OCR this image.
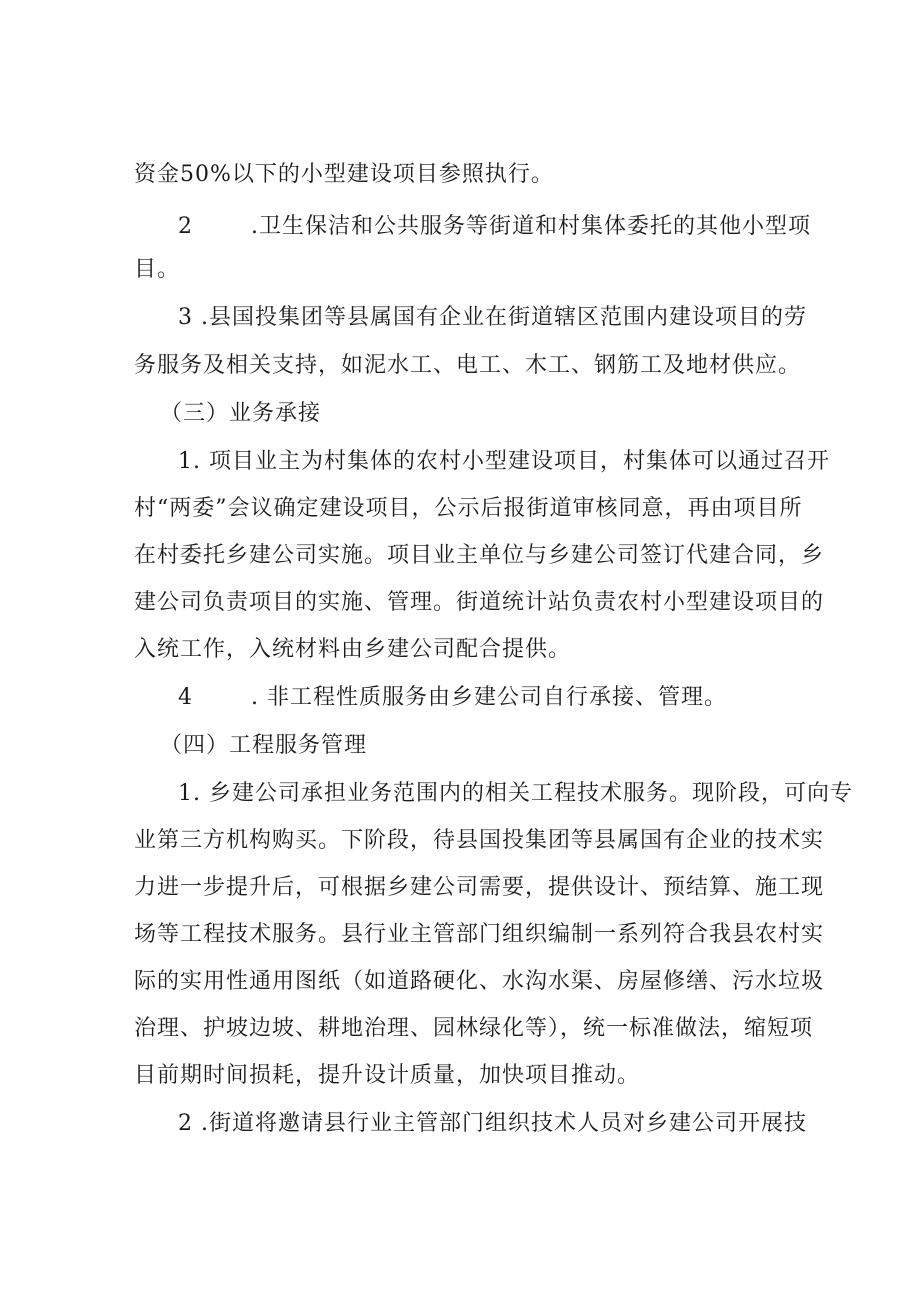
资金50%以下的小型建设项目参照执行。
2	.卫生保洁和公共服务等街道和村集体委托的其他小型项
目。
3 .县国投集团等县属国有企业在街道辖区范围内建设项目的劳
务服务及相关支持，如泥水工、电工、木工、钢筋工及地材供应。
（三）业务承接
1. 项目业主为村集体的农村小型建设项目，村集体可以通过召开
村“两委”会议确定建设项目，公示后报街道审核同意，再由项目所
在村委托乡建公司实施。项目业主单位与乡建公司签订代建合同，乡
建公司负责项目的实施、管理。街道统计站负责农村小型建设项目的
入统工作，入统材料由乡建公司配合提供。
4	. 非工程性质服务由乡建公司自行承接、管理。
（四）工程服务管理
1. 乡建公司承担业务范围内的相关工程技术服务。现阶段，可向专
业第三方机构购买。下阶段，待县国投集团等县属国有企业的技术实
力进一步提升后，可根据乡建公司需要，提供设计、预结算、施工现
场等工程技术服务。县行业主管部门组织编制一系列符合我县农村实
际的实用性通用图纸（如道路硬化、水沟水渠、房屋修缮、污水垃圾
治理、护坡边坡、耕地治理、园林绿化等），统一标准做法，缩短项
目前期时间损耗，提升设计质量，加快项目推动。
2 .街道将邀请县行业主管部门组织技术人员对乡建公司开展技
